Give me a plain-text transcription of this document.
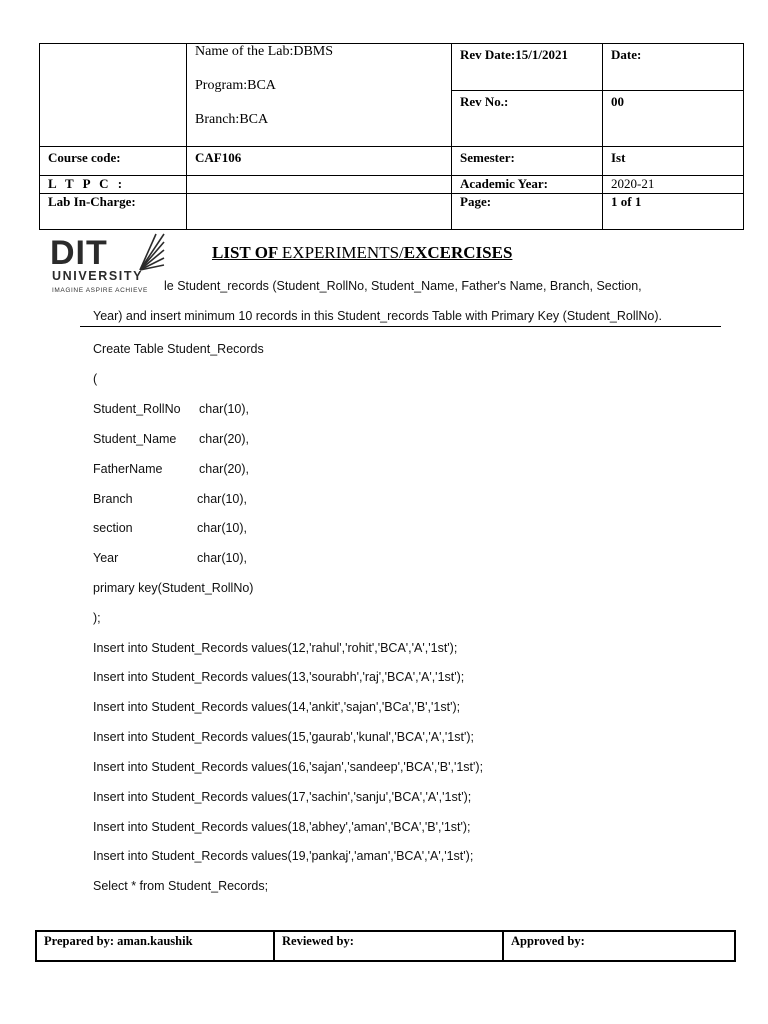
	Name of the Lab:DBMS
Program:BCA
Branch:BCA	Rev Date:15/1/2021	Date:
		Rev No.:	00
Course code:	CAF106	Semester:	Ist
L T P C :		Academic Year:	2020-21
Lab In-Charge:		Page:	1 of 1
DIT
UNIVERSITY
IMAGINE ASPIRE ACHIEVE
LIST OF EXPERIMENTS/EXCERCISES
le Student_records (Student_RollNo, Student_Name, Father's Name, Branch, Section,
Year) and insert minimum 10 records in this Student_records Table with Primary Key (Student_RollNo).
Create Table Student_Records
(
Student_RollNo char(10),
Student_Name char(20),
FatherName	char(20),
Branch	char(10),
section	char(10),
Year	char(10),
primary key(Student_RollNo)
);
Insert into Student_Records values(12,'rahul','rohit','BCA','A','1st');
Insert into Student_Records values(13,'sourabh','raj','BCA','A','1st');
Insert into Student_Records values(14,'ankit','sajan','BCa','B','1st');
Insert into Student_Records values(15,'gaurab','kunal','BCA','A','1st');
Insert into Student_Records values(16,'sajan','sandeep','BCA','B','1st');
Insert into Student_Records values(17,'sachin','sanju','BCA','A','1st');
Insert into Student_Records values(18,'abhey','aman','BCA','B','1st');
Insert into Student_Records values(19,'pankaj','aman','BCA','A','1st');
Select * from Student_Records;
Prepared by: aman.kaushik	Reviewed by:	Approved by:
